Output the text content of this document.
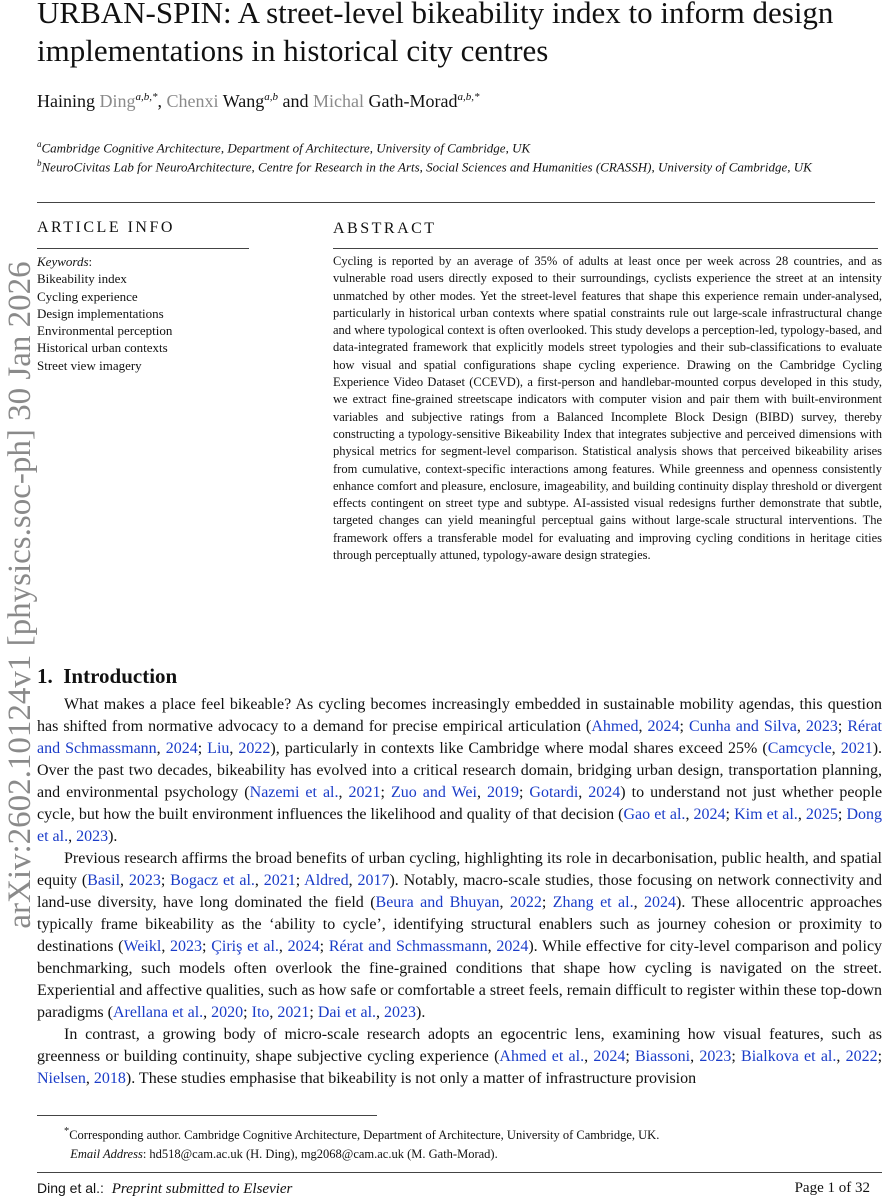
arXiv:2602.10124v1 [physics.soc-ph] 30 Jan 2026
URBAN-SPIN: A street-level bikeability index to inform design implementations in historical city centres
Haining Ding$^{a,b,*}$, Chenxi Wang$^{a,b}$ and Michal Gath-Morad$^{a,b,*}$
$^a$Cambridge Cognitive Architecture, Department of Architecture, University of Cambridge, UK
$^b$NeuroCivitas Lab for NeuroArchitecture, Centre for Research in the Arts, Social Sciences and Humanities (CRASSH), University of Cambridge, UK
ARTICLE INFO
Keywords:
Bikeability index
Cycling experience
Design implementations
Environmental perception
Historical urban contexts
Street view imagery
ABSTRACT
Cycling is reported by an average of 35% of adults at least once per week across 28 countries, and as vulnerable road users directly exposed to their surroundings, cyclists experience the street at an intensity unmatched by other modes. Yet the street-level features that shape this experience remain under-analysed, particularly in historical urban contexts where spatial constraints rule out large-scale infrastructural change and where typological context is often overlooked. This study develops a perception-led, typology-based, and data-integrated framework that explicitly models street typologies and their sub-classifications to evaluate how visual and spatial configurations shape cycling experience. Drawing on the Cambridge Cycling Experience Video Dataset (CCEVD), a first-person and handlebar-mounted corpus developed in this study, we extract fine-grained streetscape indicators with computer vision and pair them with built-environment variables and subjective ratings from a Balanced Incomplete Block Design (BIBD) survey, thereby constructing a typology-sensitive Bikeability Index that integrates subjective and perceived dimensions with physical metrics for segment-level comparison. Statistical analysis shows that perceived bikeability arises from cumulative, context-specific interactions among features. While greenness and openness consistently enhance comfort and pleasure, enclosure, imageability, and building continuity display threshold or divergent effects contingent on street type and subtype. AI-assisted visual redesigns further demonstrate that subtle, targeted changes can yield meaningful perceptual gains without large-scale structural interventions. The framework offers a transferable model for evaluating and improving cycling conditions in heritage cities through perceptually attuned, typology-aware design strategies.
1. Introduction

What makes a place feel bikeable? As cycling becomes increasingly embedded in sustainable mobility agendas, this question has shifted from normative advocacy to a demand for precise empirical articulation (Ahmed, 2024; Cunha and Silva, 2023; Rérat and Schmassmann, 2024; Liu, 2022), particularly in contexts like Cambridge where modal shares exceed 25% (Camcycle, 2021). Over the past two decades, bikeability has evolved into a critical research domain, bridging urban design, transportation planning, and environmental psychology (Nazemi et al., 2021; Zuo and Wei, 2019; Gotardi, 2024) to understand not just whether people cycle, but how the built environment influences the likelihood and quality of that decision (Gao et al., 2024; Kim et al., 2025; Dong et al., 2023).

Previous research affirms the broad benefits of urban cycling, highlighting its role in decarbonisation, public health, and spatial equity (Basil, 2023; Bogacz et al., 2021; Aldred, 2017). Notably, macro-scale studies, those focusing on network connectivity and land-use diversity, have long dominated the field (Beura and Bhuyan, 2022; Zhang et al., 2024). These allocentric approaches typically frame bikeability as the ‘ability to cycle’, identifying structural enablers such as journey cohesion or proximity to destinations (Weikl, 2023; Çiriş et al., 2024; Rérat and Schmassmann, 2024). While effective for city-level comparison and policy benchmarking, such models often overlook the fine-grained conditions that shape how cycling is navigated on the street. Experiential and affective qualities, such as how safe or comfortable a street feels, remain difficult to register within these top-down paradigms (Arellana et al., 2020; Ito, 2021; Dai et al., 2023).

In contrast, a growing body of micro-scale research adopts an egocentric lens, examining how visual features, such as greenness or building continuity, shape subjective cycling experience (Ahmed et al., 2024; Biassoni, 2023; Bialkova et al., 2022; Nielsen, 2018). These studies emphasise that bikeability is not only a matter of infrastructure provision

*Corresponding author. Cambridge Cognitive Architecture, Department of Architecture, University of Cambridge, UK.
Email Address: hd518@cam.ac.uk (H. Ding), mg2068@cam.ac.uk (M. Gath-Morad).
Ding et al.: Preprint submitted to Elsevier	Page 1 of 32
